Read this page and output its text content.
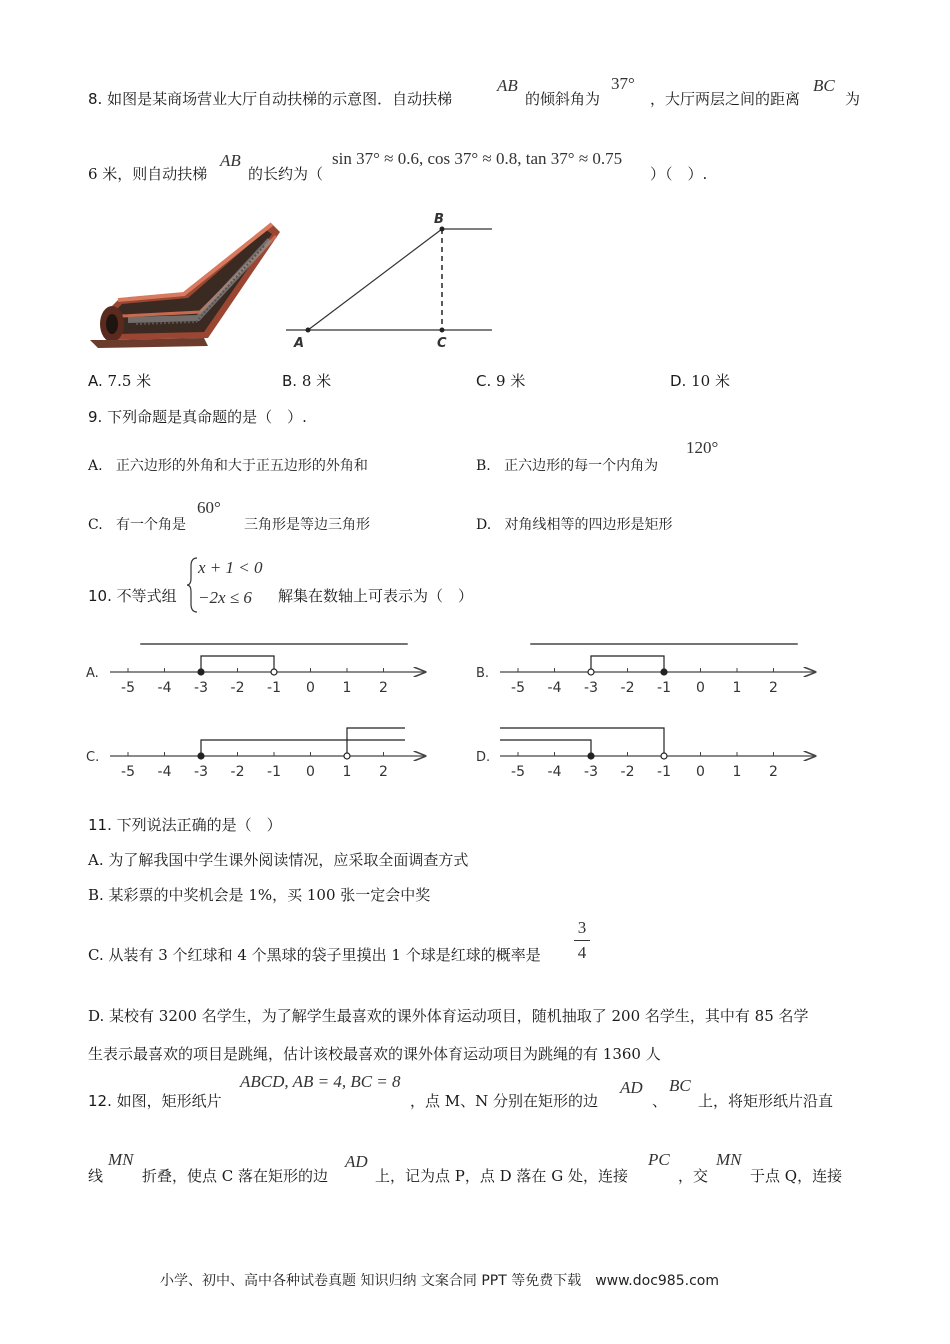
8. 如图是某商场营业大厅自动扶梯的示意图．自动扶梯
AB
的倾斜角为
37°
，大厅两层之间的距离
BC
为
6 米，则自动扶梯
AB
的长约为（
sin 37° ≈ 0.6, cos 37° ≈ 0.8, tan 37° ≈ 0.75
）（　）.
B
A	C
A. 7.5 米	B. 8 米	C. 9 米	D. 10 米
9. 下列命题是真命题的是（　）.
A. 正六边形的外角和大于正五边形的外角和	B. 正六边形的每一个内角为
120°
C. 有一个角是
60°
三角形是等边三角形	D. 对角线相等的四边形是矩形
10. 不等式组
x + 1 < 0
−2x ≤ 6 解集在数轴上可表示为（　）
A.
-5 -4 -3 -2 -1 0 1 2
B.
-5 -4 -3 -2 -1 0 1 2
C.
-5 -4 -3 -2 -1 0 1 2
D.
-5 -4 -3 -2 -1 0 1 2
11. 下列说法正确的是（　）
A. 为了解我国中学生课外阅读情况，应采取全面调查方式
B. 某彩票的中奖机会是 1%，买 100 张一定会中奖
C. 从装有 3 个红球和 4 个黑球的袋子里摸出 1 个球是红球的概率是
3
4
D. 某校有 3200 名学生，为了解学生最喜欢的课外体育运动项目，随机抽取了 200 名学生，其中有 85 名学
生表示最喜欢的项目是跳绳，估计该校最喜欢的课外体育运动项目为跳绳的有 1360 人
12. 如图，矩形纸片
ABCD, AB = 4, BC = 8
，点 M、N 分别在矩形的边
AD
、
BC
上，将矩形纸片沿直
线
MN
折叠，使点 C 落在矩形的边
AD
上，记为点 P，点 D 落在 G 处，连接
PC
，交
MN
于点 Q，连接
小学、初中、高中各种试卷真题 知识归纳 文案合同 PPT 等免费下载　www.doc985.com
